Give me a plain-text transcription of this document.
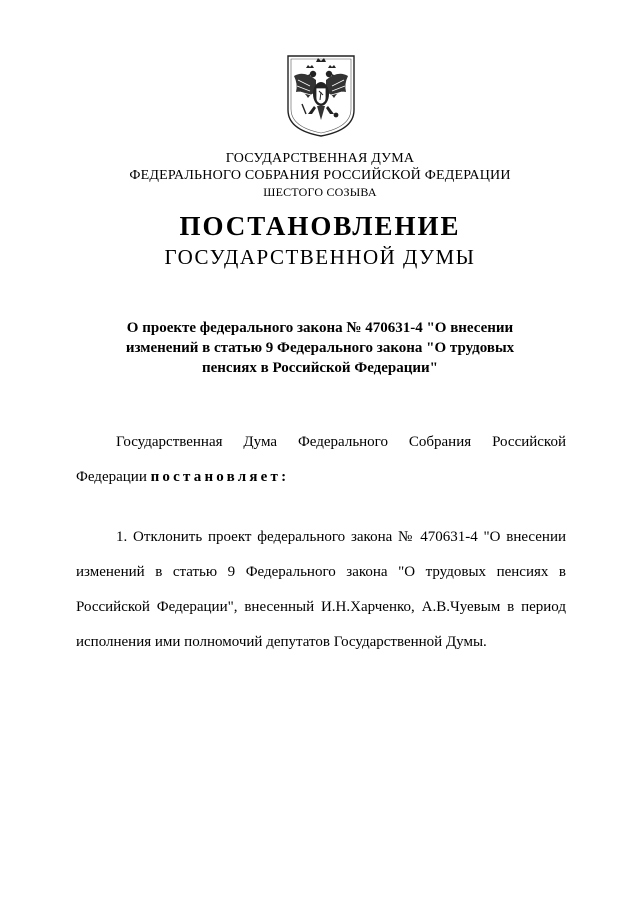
ГОСУДАРСТВЕННАЯ ДУМА
ФЕДЕРАЛЬНОГО СОБРАНИЯ РОССИЙСКОЙ ФЕДЕРАЦИИ
ШЕСТОГО СОЗЫВА
ПОСТАНОВЛЕНИЕ
ГОСУДАРСТВЕННОЙ ДУМЫ
О проекте федерального закона № 470631-4 "О внесении
изменений в статью 9 Федерального закона "О трудовых
пенсиях в Российской Федерации"
Государственная Дума Федерального Собрания Российской Федерации постановляет:
1. Отклонить проект федерального закона № 470631-4 "О внесении изменений в статью 9 Федерального закона "О трудовых пенсиях в Российской Федерации", внесенный И.Н.Харченко, А.В.Чуевым в период исполнения ими полномочий депутатов Государственной Думы.
